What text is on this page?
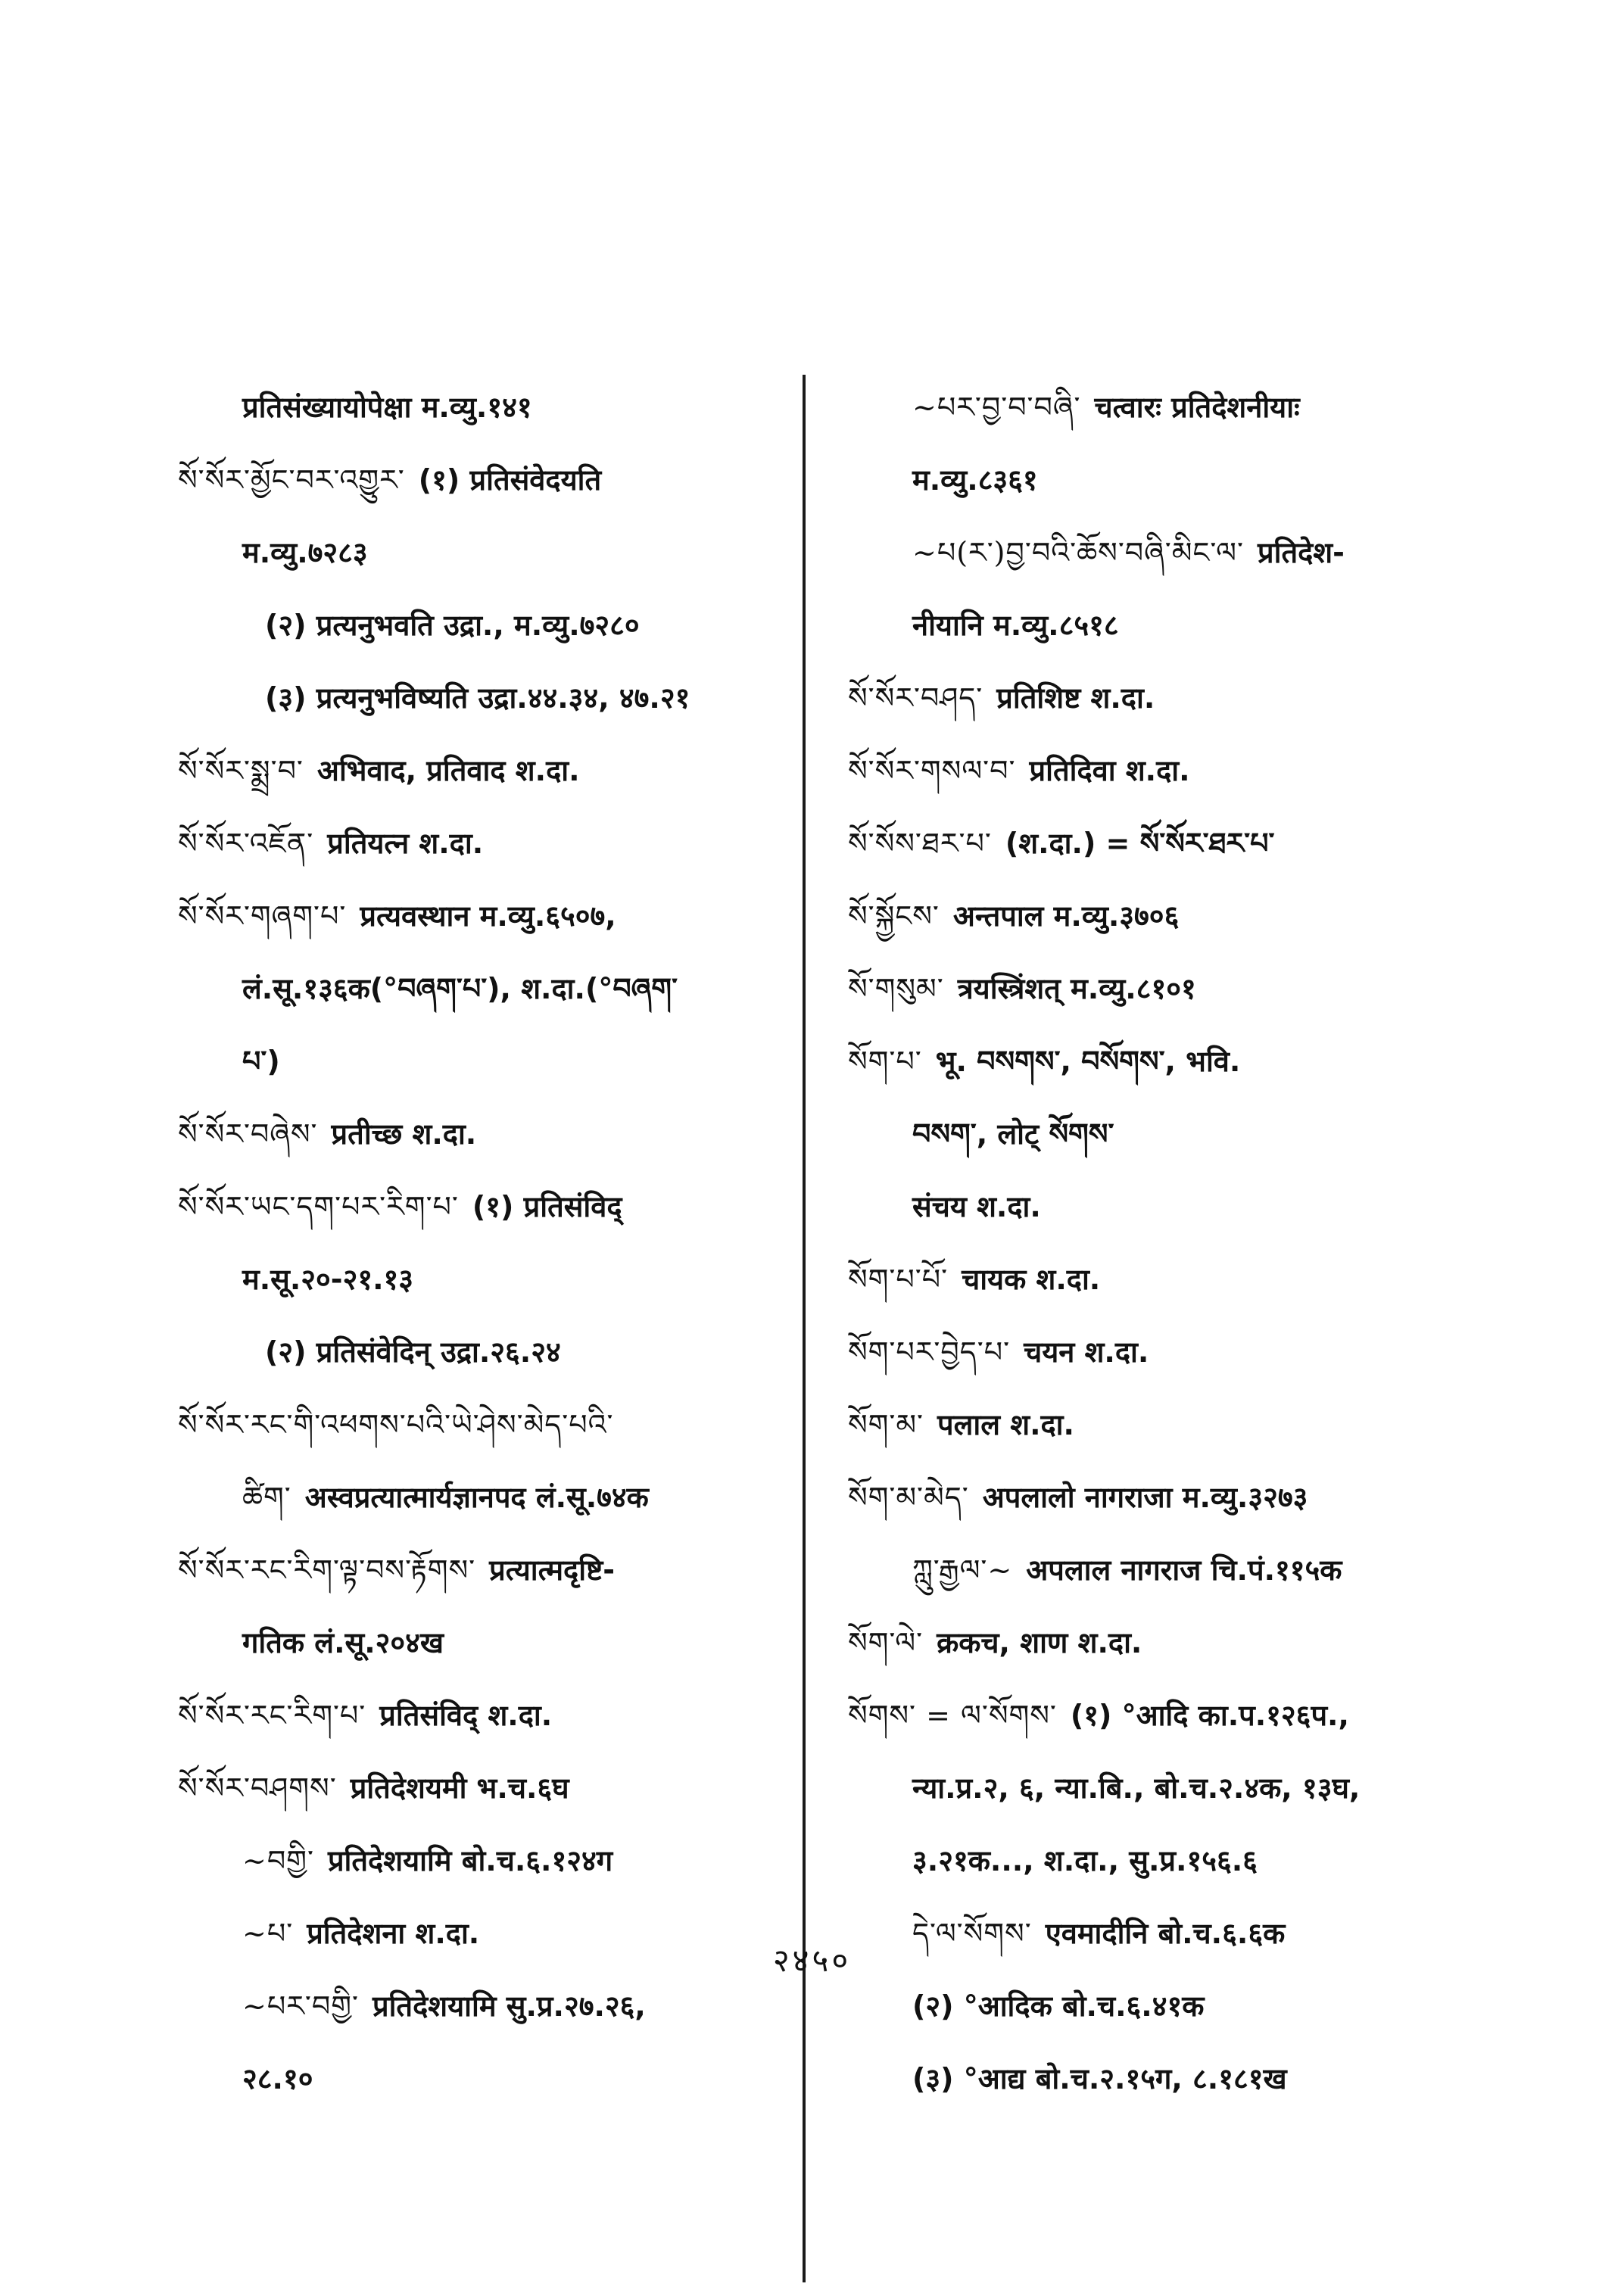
प्रतिसंख्यायोपेक्षा म.व्यु.१४१
སོ་སོར་མྱོང་བར་འགྱུར་ (१) प्रतिसंवेदयति
म.व्यु.७२८३
(२) प्रत्यनुभवति उद्रा., म.व्यु.७२८०
(३) प्रत्यनुभविष्यति उद्रा.४४.३४, ४७.२१
སོ་སོར་སྨྲ་བ་ अभिवाद, प्रतिवाद श.दा.
སོ་སོར་འཇོན་ प्रतियत्न श.दा.
སོ་སོར་གཞག་པ་ प्रत्यवस्थान म.व्यु.६५०७,
लं.सू.१३६क(°བཞག་པ་), श.दा.(°བཞག་
པ་)
སོ་སོར་བཞེས་ प्रतीच्छ श.दा.
སོ་སོར་ཡང་དག་པར་རིག་པ་ (१) प्रतिसंविद्
म.सू.२०-२१.१३
(२) प्रतिसंवेदिन् उद्रा.२६.२४
སོ་སོར་རང་གི་འཕགས་པའི་ཡེ་ཤེས་མེད་པའི་
ཚིག་ अस्वप्रत्यात्मार्यज्ञानपद लं.सू.७४क
སོ་སོར་རང་རིག་ལྟ་བས་རྟོགས་ प्रत्यात्मदृष्टि-
गतिक लं.सू.२०४ख
སོ་སོར་རང་རིག་པ་ प्रतिसंविद् श.दा.
སོ་སོར་བཤགས་ प्रतिदेशयमी भ.च.६घ
~བགྱི་ प्रतिदेशयामि बो.च.६.१२४ग
~པ་ प्रतिदेशना श.दा.
~པར་བགྱི་ प्रतिदेशयामि सु.प्र.२७.२६,
२८.१०
~པར་བྱ་བ་བཞི་ चत्वारः प्रतिदेशनीयाः
म.व्यु.८३६१
~པ(ར་)བྱ་བའི་ཆོས་བཞི་མིང་ལ་ प्रतिदेश-
नीयानि म.व्यु.८५१८
སོ་སོར་བཤད་ प्रतिशिष्ट श.दा.
སོ་སོར་གསལ་བ་ प्रतिदिवा श.दा.
སོ་སོས་ཐར་པ་ (श.दा.) = སོ་སོར་ཐར་པ་
སོ་སྐྱོངས་ अन्तपाल म.व्यु.३७०६
སོ་གསུམ་ त्रयस्त्रिंशत् म.व्यु.८१०१
སོག་པ་ भू. བསགས་, བསོགས་, भवि.
བསག་, लोट् སོགས་
संचय श.दा.
སོག་པ་པོ་ चायक श.दा.
སོག་པར་བྱེད་པ་ चयन श.दा.
སོག་མ་ पलाल श.दा.
སོག་མ་མེད་ अपलालो नागराजा म.व्यु.३२७३
ཀླུ་རྒྱལ་~ अपलाल नागराज चि.पं.११५क
སོག་ལེ་ क्रकच, शाण श.दा.
སོགས་ = ལ་སོགས་ (१) °आदि का.प.१२६प.,
न्या.प्र.२, ६, न्या.बि., बो.च.२.४क, १३घ,
३.२१क..., श.दा., सु.प्र.१५६.६
དེ་ལ་སོགས་ एवमादीनि बो.च.६.६क
(२) °आदिक बो.च.६.४१क
(३) °आद्य बो.च.२.१५ग, ८.१८१ख
२४५०
